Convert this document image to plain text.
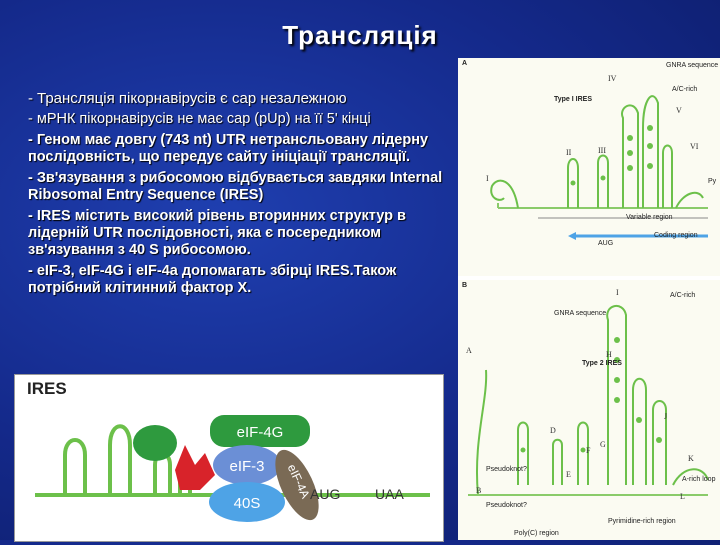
Трансляція
- Трансляція пікорнавірусів є cap незалежною
- мРНК пікорнавірусів не має cap (pUp) на її 5' кінці
- Геном має довгу (743 nt) UTR нетрансльовану лідерну послідовність, що передує сайту ініціації трансляції.
- Зв'язування з рибосомою відбувається завдяки Internal Ribosomal Entry Sequence (IRES)
- IRES містить високий рівень вторинних структур в лідерній UTR послідовності, яка є посередником зв'язування з 40 S рибосомою.
- eIF-3, eIF-4G і eIF-4a допомагать збірці IRES.Також потрібний клітинний фактор X.
A
Type I IRES
GNRA sequence
A/C-rich
Py
Variable region
Coding region
AUG
IV
V
VI
II	III
I
B
Type 2 IRES
A/C-rich
GNRA sequence
Pseudoknot?
Pseudoknot?
A-rich loop
Pyrimidine-rich region
Poly(C) region
I
H
J
K
L
D
E
F
G
A
B
IRES
eIF-4G
eIF-3 eIF-4A
40S
AUG UAA
